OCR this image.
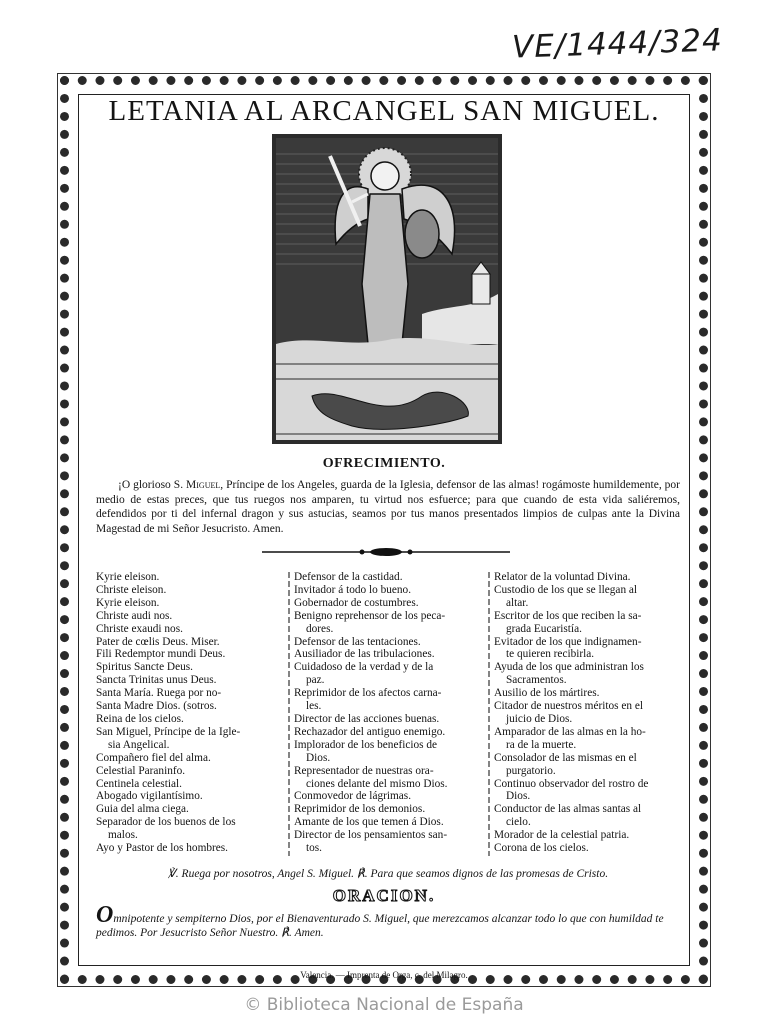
VE/1444/324
LETANIA AL ARCANGEL SAN MIGUEL.
OFRECIMIENTO.
¡O glorioso S. Miguel, Príncipe de los Angeles, guarda de la Iglesia, defensor de las almas! rogámoste humildemente, por medio de estas preces, que tus ruegos nos amparen, tu virtud nos esfuerce; para que cuando de esta vida saliéremos, defendidos por ti del infernal dragon y sus astucias, seamos por tus manos presentados limpios de culpas ante la Divina Magestad de mi Señor Jesucristo. Amen.
Kyrie eleison.
Christe eleison.
Kyrie eleison.
Christe audi nos.
Christe exaudi nos.
Pater de cœlis Deus. Miser.
Fili Redemptor mundi Deus.
Spiritus Sancte Deus.
Sancta Trinitas unus Deus.
Santa María. Ruega por no-
Santa Madre Dios. (sotros.
Reina de los cielos.
San Miguel, Príncipe de la Igle-
sia Angelical.
Compañero fiel del alma.
Celestial Paraninfo.
Centinela celestial.
Abogado vigilantísimo.
Guia del alma ciega.
Separador de los buenos de los
malos.
Ayo y Pastor de los hombres.
Defensor de la castidad.
Invitador á todo lo bueno.
Gobernador de costumbres.
Benigno reprehensor de los peca-
dores.
Defensor de las tentaciones.
Ausiliador de las tribulaciones.
Cuidadoso de la verdad y de la
paz.
Reprimidor de los afectos carna-
les.
Director de las acciones buenas.
Rechazador del antiguo enemigo.
Implorador de los beneficios de
Dios.
Representador de nuestras ora-
ciones delante del mismo Dios.
Conmovedor de lágrimas.
Reprimidor de los demonios.
Amante de los que temen á Dios.
Director de los pensamientos san-
tos.
Relator de la voluntad Divina.
Custodio de los que se llegan al
altar.
Escritor de los que reciben la sa-
grada Eucaristía.
Evitador de los que indignamen-
te quieren recibirla.
Ayuda de los que administran los
Sacramentos.
Ausilio de los mártires.
Citador de nuestros méritos en el
juicio de Dios.
Amparador de las almas en la ho-
ra de la muerte.
Consolador de las mismas en el
purgatorio.
Continuo observador del rostro de
Dios.
Conductor de las almas santas al
cielo.
Morador de la celestial patria.
Corona de los cielos.
℣. Ruega por nosotros, Angel S. Miguel. ℟. Para que seamos dignos de las promesas de Cristo.
ORACION.
Omnipotente y sempiterno Dios, por el Bienaventurado S. Miguel, que merezcamos alcanzar todo lo que con humildad te pedimos. Por Jesucristo Señor Nuestro. ℟. Amen.
Valencia. — Imprenta de Orga, c. del Milagro.
© Biblioteca Nacional de España
